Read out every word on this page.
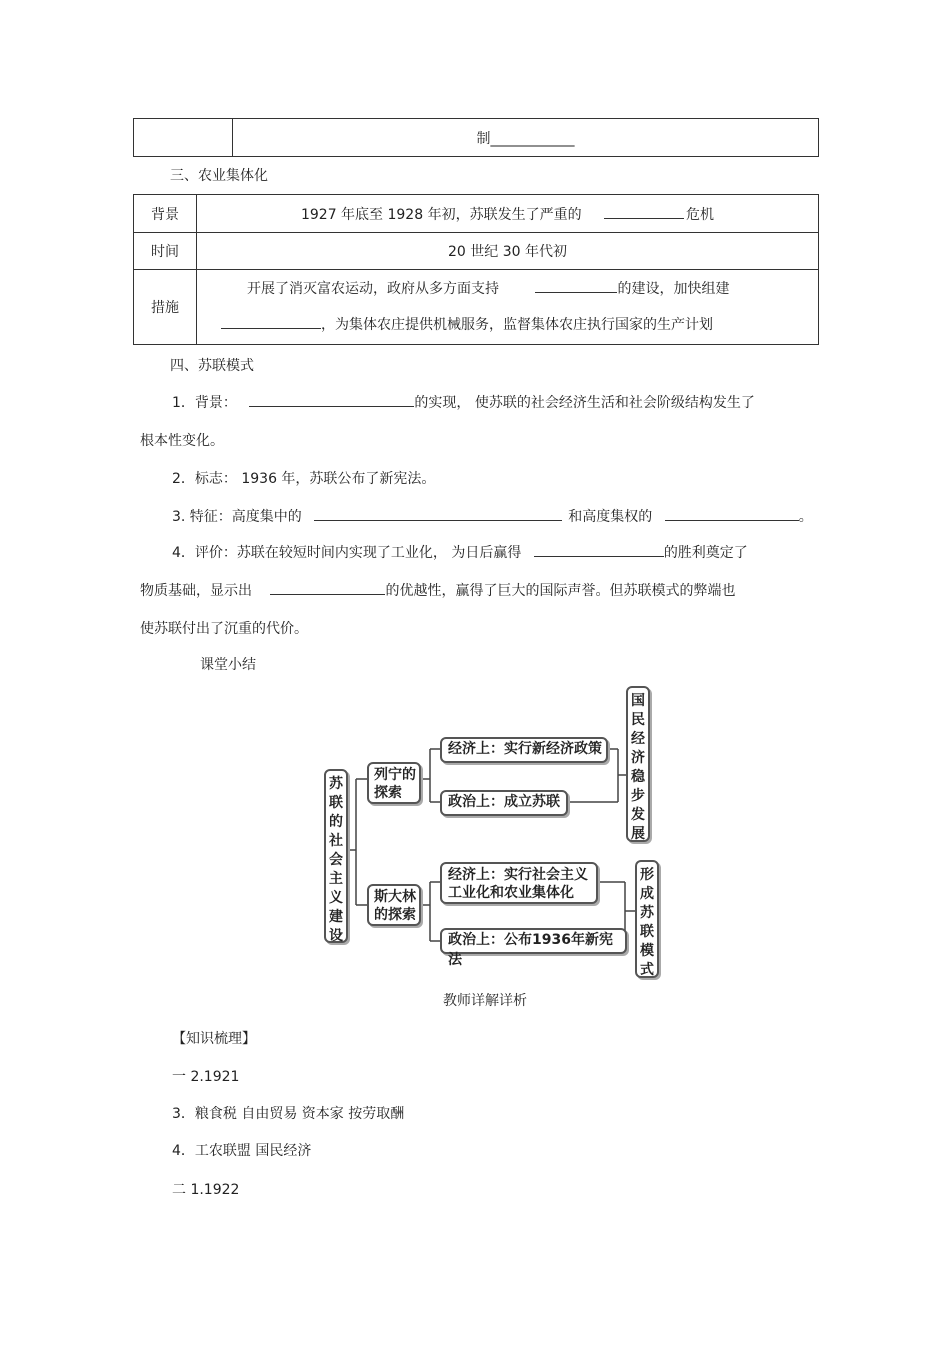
	制____________
三、农业集体化
背景	1927 年底至 1928 年初，苏联发生了严重的 危机
时间	20 世纪 30 年代初
措施	开展了消灭富农运动，政府从多方面支持 的建设，加快组建
，为集体农庄提供机械服务，监督集体农庄执行国家的生产计划
四、苏联模式
1．背景：	的实现， 使苏联的社会经济生活和社会阶级结构发生了
根本性变化。
2．标志： 1936 年，苏联公布了新宪法。
3. 特征：高度集中的	和高度集权的	。
4．评价：苏联在较短时间内实现了工业化， 为日后赢得	的胜利奠定了
物质基础，显示出	的优越性，赢得了巨大的国际声誉。但苏联模式的弊端也
使苏联付出了沉重的代价。
课堂小结
苏
联
的
社
会
主
义
建
设
列宁的
探索
经济上：实行新经济政策
政治上：成立苏联
国
民
经
济
稳
步
发
展
斯大林
的探索
经济上：实行社会主义
工业化和农业集体化
政治上：公布1936年新宪法
形
成
苏
联
模
式
教师详解详析
【知识梳理】
一 2.1921
3．粮食税 自由贸易 资本家 按劳取酬
4．工农联盟 国民经济
二 1.1922
